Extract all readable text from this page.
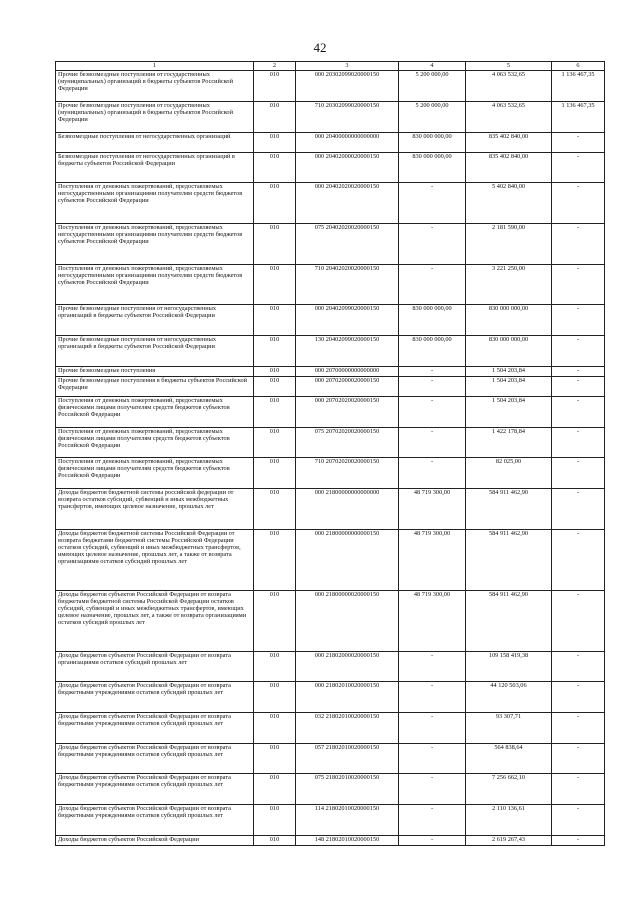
42
1	2	3	4	5	6
Прочие безвозмездные поступления от государственных (муниципальных) организаций в бюджеты субъектов Российской Федерации	010	000 20302099020000150	5 200 000,00	4 063 532,65	1 136 467,35
Прочие безвозмездные поступления от государственных (муниципальных) организаций в бюджеты субъектов Российской Федерации	010	710 20302099020000150	5 200 000,00	4 063 532,65	1 136 467,35
Безвозмездные поступления от негосударственных организаций	010	000 20400000000000000	830 000 000,00	835 402 840,00	-
Безвозмездные поступления от негосударственных организаций в бюджеты субъектов Российской Федерации	010	000 20402000020000150	830 000 000,00	835 402 840,00	-
Поступления от денежных пожертвований, предоставляемых негосударственными организациями получателям средств бюджетов субъектов Российской Федерации	010	000 20402020020000150	-	5 402 840,00	-
Поступления от денежных пожертвований, предоставляемых негосударственными организациями получателям средств бюджетов субъектов Российской Федерации	010	075 20402020020000150	-	2 181 590,00	-
Поступления от денежных пожертвований, предоставляемых негосударственными организациями получателям средств бюджетов субъектов Российской Федерации	010	710 20402020020000150	-	3 221 250,00	-
Прочие безвозмездные поступления от негосударственных организаций в бюджеты субъектов Российской Федерации	010	000 20402099020000150	830 000 000,00	830 000 000,00	-
Прочие безвозмездные поступления от негосударственных организаций в бюджеты субъектов Российской Федерации	010	130 20402099020000150	830 000 000,00	830 000 000,00	-
Прочие безвозмездные поступления	010	000 20700000000000000	-	1 504 203,84	-
Прочие безвозмездные поступления в бюджеты субъектов Российской Федерации	010	000 20702000020000150	-	1 504 203,84	-
Поступления от денежных пожертвований, предоставляемых физическими лицами получателям средств бюджетов субъектов Российской Федерации	010	000 20702020020000150	-	1 504 203,84	-
Поступления от денежных пожертвований, предоставляемых физическими лицами получателям средств бюджетов субъектов Российской Федерации	010	075 20702020020000150	-	1 422 178,84	-
Поступления от денежных пожертвований, предоставляемых физическими лицами получателям средств бюджетов субъектов Российской Федерации	010	710 20702020020000150	-	82 025,00	-
Доходы бюджетов бюджетной системы российской федерации от возврата остатков субсидий, субвенций и иных межбюджетных трансфертов, имеющих целевое назначение, прошлых лет	010	000 21800000000000000	48 719 300,00	584 911 462,90	-
Доходы бюджетов бюджетной системы Российской Федерации от возврата бюджетами бюджетной системы Российской Федерации остатков субсидий, субвенций и иных межбюджетных трансфертов, имеющих целевое назначение, прошлых лет, а также от возврата организациями остатков субсидий прошлых лет	010	000 21800000000000150	48 719 300,00	584 911 462,90	-
Доходы бюджетов субъектов Российской Федерации от возврата бюджетами бюджетной системы Российской Федерации остатков субсидий, субвенций и иных межбюджетных трансфертов, имеющих целевое назначение, прошлых лет, а также от возврата организациями остатков субсидий прошлых лет	010	000 21800000020000150	48 719 300,00	584 911 462,90	-
Доходы бюджетов субъектов Российской Федерации от возврата организациями остатков субсидий прошлых лет	010	000 21802000020000150	-	109 158 419,38	-
Доходы бюджетов субъектов Российской Федерации от возврата бюджетными учреждениями остатков субсидий прошлых лет	010	000 21802010020000150	-	44 120 503,06	-
Доходы бюджетов субъектов Российской Федерации от возврата бюджетными учреждениями остатков субсидий прошлых лет	010	032 21802010020000150	-	93 307,71	-
Доходы бюджетов субъектов Российской Федерации от возврата бюджетными учреждениями остатков субсидий прошлых лет	010	057 21802010020000150	-	564 838,64	-
Доходы бюджетов субъектов Российской Федерации от возврата бюджетными учреждениями остатков субсидий прошлых лет	010	075 21802010020000150	-	7 256 662,10	-
Доходы бюджетов субъектов Российской Федерации от возврата бюджетными учреждениями остатков субсидий прошлых лет	010	114 21802010020000150	-	2 110 136,61	-
Доходы бюджетов субъектов Российской Федерации	010	148 21802010020000150	-	2 619 267,43	-
